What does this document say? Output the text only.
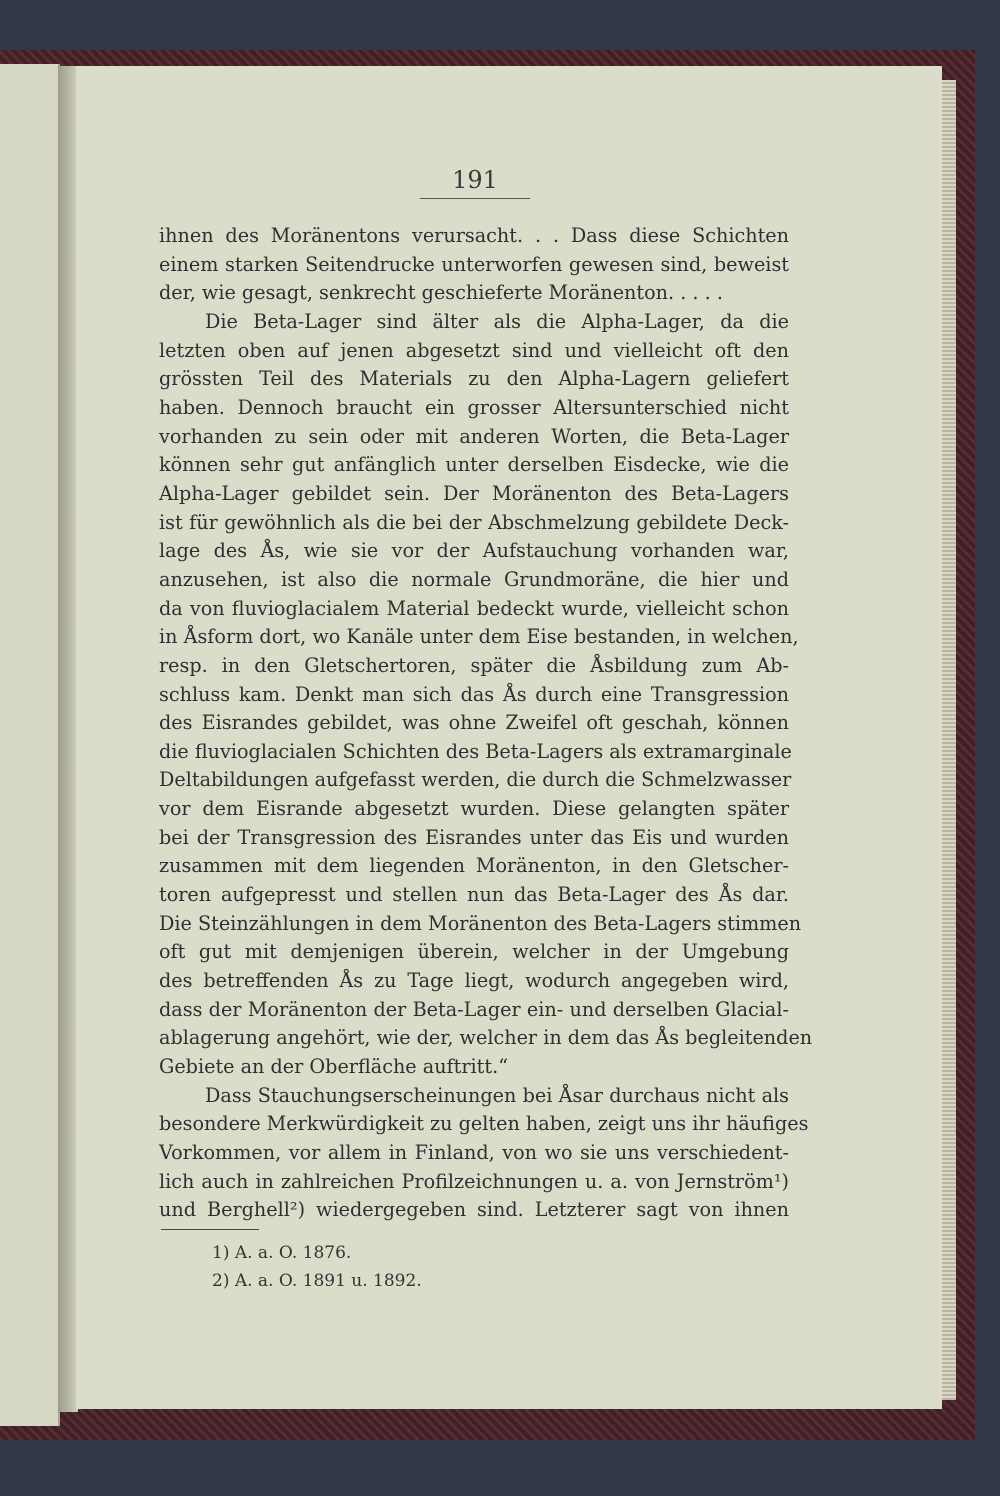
191
ihnen des Moränentons verursacht. . . Dass diese Schichten
einem starken Seitendrucke unterworfen gewesen sind, beweist
der, wie gesagt, senkrecht geschieferte Moränenton. . . . .
Die Beta-Lager sind älter als die Alpha-Lager, da die
letzten oben auf jenen abgesetzt sind und vielleicht oft den
grössten Teil des Materials zu den Alpha-Lagern geliefert
haben. Dennoch braucht ein grosser Altersunterschied nicht
vorhanden zu sein oder mit anderen Worten, die Beta-Lager
können sehr gut anfänglich unter derselben Eisdecke, wie die
Alpha-Lager gebildet sein. Der Moränenton des Beta-Lagers
ist für gewöhnlich als die bei der Abschmelzung gebildete Deck-
lage des Ås, wie sie vor der Aufstauchung vorhanden war,
anzusehen, ist also die normale Grundmoräne, die hier und
da von fluvioglacialem Material bedeckt wurde, vielleicht schon
in Åsform dort, wo Kanäle unter dem Eise bestanden, in welchen,
resp. in den Gletschertoren, später die Åsbildung zum Ab-
schluss kam. Denkt man sich das Ås durch eine Transgression
des Eisrandes gebildet, was ohne Zweifel oft geschah, können
die fluvioglacialen Schichten des Beta-Lagers als extramarginale
Deltabildungen aufgefasst werden, die durch die Schmelzwasser
vor dem Eisrande abgesetzt wurden. Diese gelangten später
bei der Transgression des Eisrandes unter das Eis und wurden
zusammen mit dem liegenden Moränenton, in den Gletscher-
toren aufgepresst und stellen nun das Beta-Lager des Ås dar.
Die Steinzählungen in dem Moränenton des Beta-Lagers stimmen
oft gut mit demjenigen überein, welcher in der Umgebung
des betreffenden Ås zu Tage liegt, wodurch angegeben wird,
dass der Moränenton der Beta-Lager ein- und derselben Glacial-
ablagerung angehört, wie der, welcher in dem das Ås begleitenden
Gebiete an der Oberfläche auftritt.“
Dass Stauchungserscheinungen bei Åsar durchaus nicht als
besondere Merkwürdigkeit zu gelten haben, zeigt uns ihr häufiges
Vorkommen, vor allem in Finland, von wo sie uns verschiedent-
lich auch in zahlreichen Profilzeichnungen u. a. von Jernström¹)
und Berghell²) wiedergegeben sind. Letzterer sagt von ihnen
1) A. a. O. 1876.
2) A. a. O. 1891 u. 1892.
